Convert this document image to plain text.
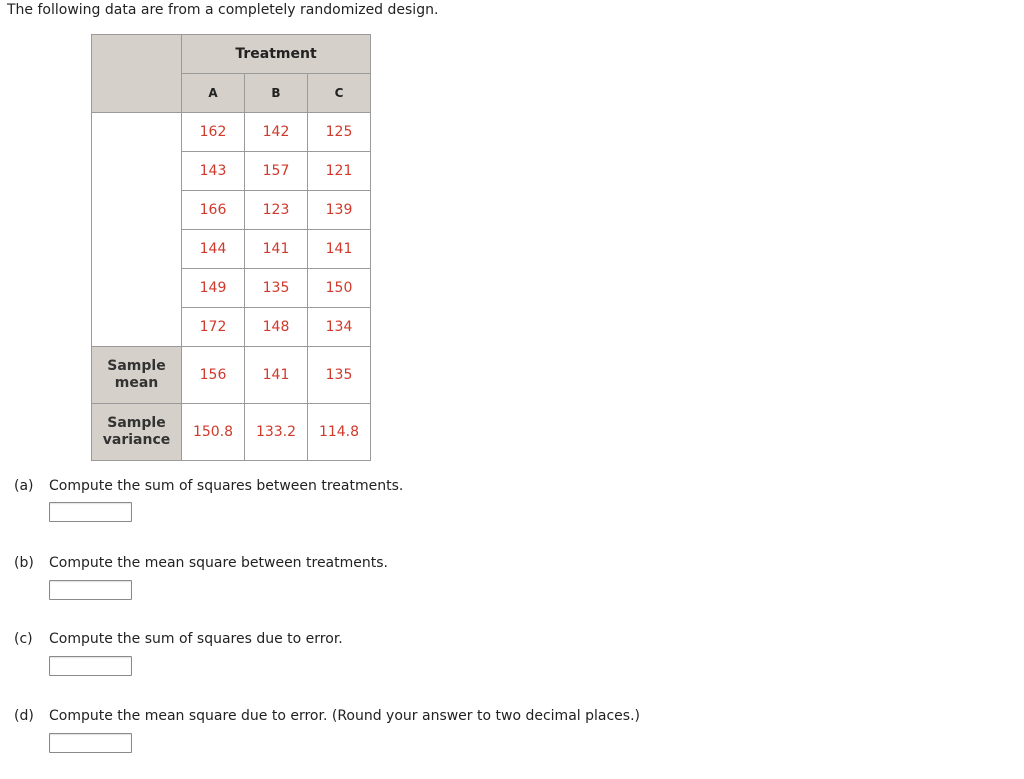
The following data are from a completely randomized design.
	Treatment		
	A	B	C
	162	142	125
	143	157	121
	166	123	139
	144	141	141
	149	135	150
	172	148	134
Sample
mean	156	141	135
Sample
variance	150.8	133.2	114.8
(a) Compute the sum of squares between treatments.
(b) Compute the mean square between treatments.
(c) Compute the sum of squares due to error.
(d) Compute the mean square due to error. (Round your answer to two decimal places.)
